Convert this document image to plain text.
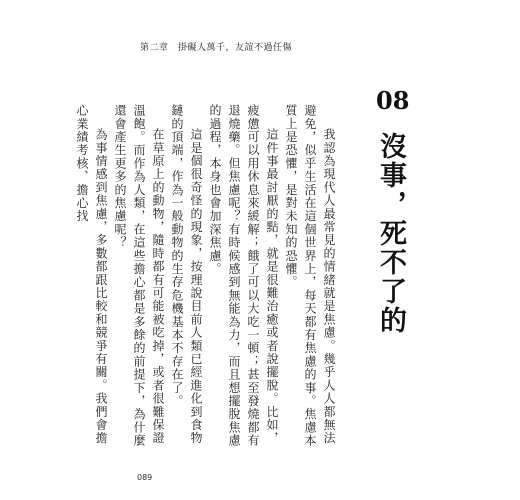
第二章　掛礙人萬千，友誼不過任傷
08
沒事，死不了的

我認為現代人最常見的情緒就是焦慮。幾乎人人都無法避免，似乎生活在這個世界上，每天都有焦慮的事。焦慮本質上是恐懼，是對未知的恐懼。

這件事最討厭的點，就是很難治癒或者說擺脫。比如，疲憊可以用休息來緩解；餓了可以大吃一頓；甚至發燒都有退燒藥。但焦慮呢？有時候感到無能為力，而且想擺脫焦慮的過程，本身也會加深焦慮。

這是個很奇怪的現象，按理說目前人類已經進化到食物鏈的頂端，作為一般動物的生存危機基本不存在了。

在草原上的動物，隨時都有可能被吃掉，或者很難保證溫飽。而作為人類，在這些擔心都是多餘的前提下，為什麼還會產生更多的焦慮呢？

為事情感到焦慮，多數都跟比較和競爭有關。我們會擔心業績考核、擔心找

089
